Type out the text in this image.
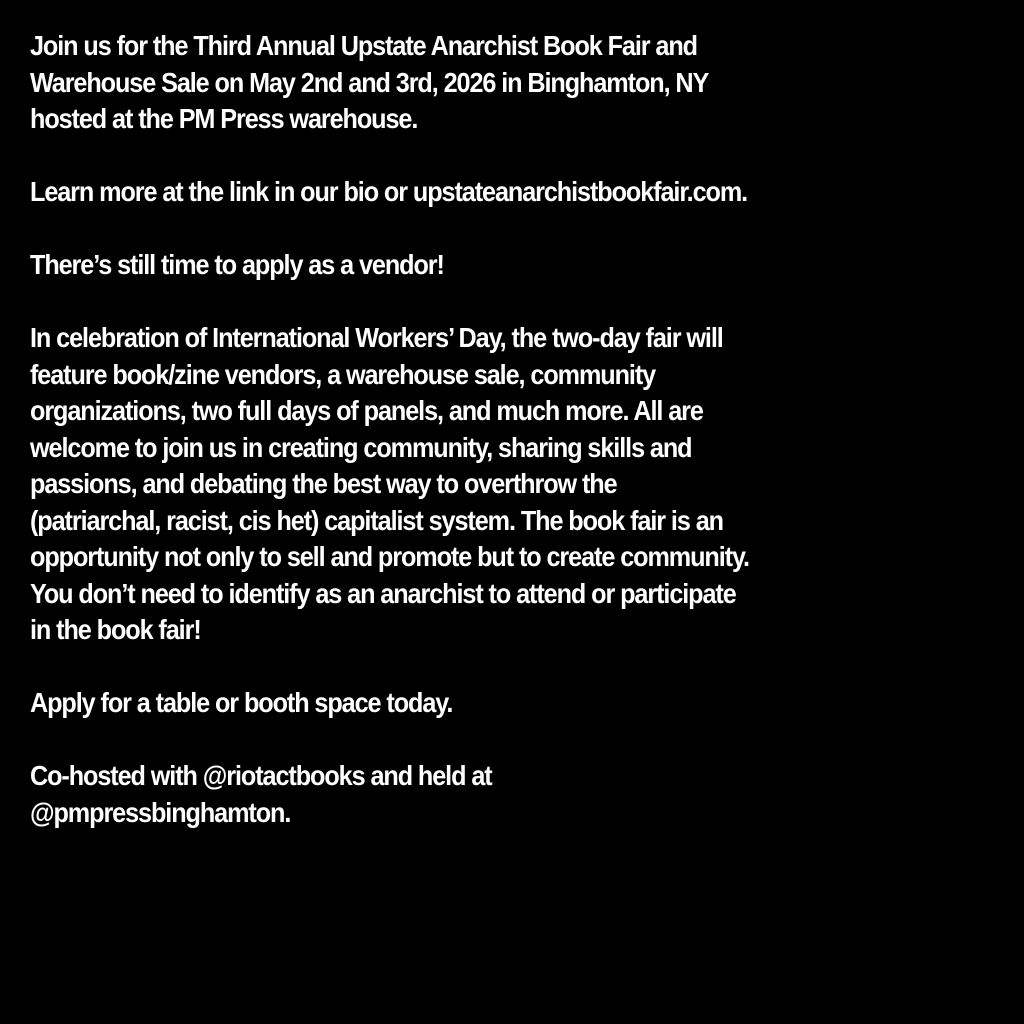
Join us for the Third Annual Upstate Anarchist Book Fair and
Warehouse Sale on May 2nd and 3rd, 2026 in Binghamton, NY
hosted at the PM Press warehouse.
Learn more at the link in our bio or upstateanarchistbookfair.com.
There’s still time to apply as a vendor!
In celebration of International Workers’ Day, the two-day fair will
feature book/zine vendors, a warehouse sale, community
organizations, two full days of panels, and much more. All are
welcome to join us in creating community, sharing skills and
passions, and debating the best way to overthrow the
(patriarchal, racist, cis het) capitalist system. The book fair is an
opportunity not only to sell and promote but to create community.
You don’t need to identify as an anarchist to attend or participate
in the book fair!
Apply for a table or booth space today.
Co-hosted with @riotactbooks and held at
@pmpressbinghamton.
